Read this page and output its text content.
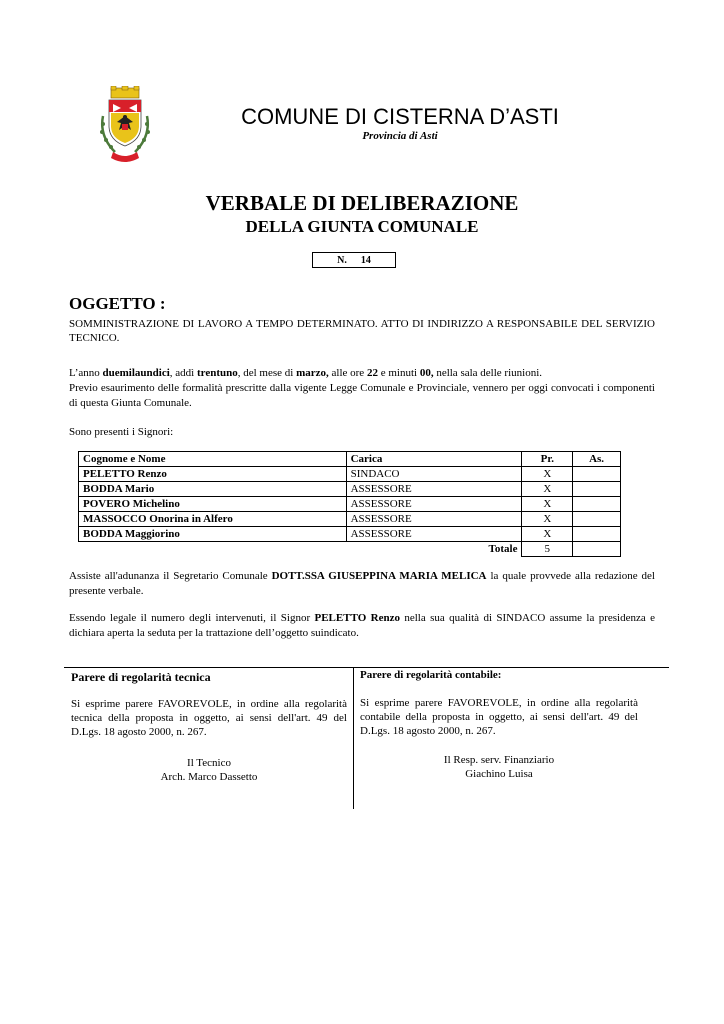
COMUNE DI CISTERNA D’ASTI
Provincia di Asti
VERBALE DI DELIBERAZIONE
DELLA GIUNTA COMUNALE
N. 14
OGGETTO :
SOMMINISTRAZIONE DI LAVORO A TEMPO DETERMINATO. ATTO DI INDIRIZZO A RESPONSABILE DEL SERVIZIO TECNICO.
L’anno duemilaundici, addì trentuno, del mese di marzo, alle ore 22 e minuti 00, nella sala delle riunioni.
Previo esaurimento delle formalità prescritte dalla vigente Legge Comunale e Provinciale, vennero per oggi convocati i componenti di questa Giunta Comunale.
Sono presenti i Signori:
Cognome e Nome	Carica	Pr.	As.
PELETTO Renzo	SINDACO	X	
BODDA Mario	ASSESSORE	X	
POVERO Michelino	ASSESSORE	X	
MASSOCCO Onorina in Alfero	ASSESSORE	X	
BODDA Maggiorino	ASSESSORE	X	
Totale		5	
Assiste all'adunanza il Segretario Comunale DOTT.SSA GIUSEPPINA MARIA MELICA la quale provvede alla redazione del presente verbale.
Essendo legale il numero degli intervenuti, il Signor PELETTO Renzo nella sua qualità di SINDACO assume la presidenza e dichiara aperta la seduta per la trattazione dell’oggetto suindicato.
Parere di regolarità tecnica
Si esprime parere FAVOREVOLE, in ordine alla regolarità tecnica della proposta in oggetto, ai sensi dell'art. 49 del D.Lgs. 18 agosto 2000, n. 267.
Il Tecnico
Arch. Marco Dassetto
Parere di regolarità contabile:
Si esprime parere FAVOREVOLE, in ordine alla regolarità contabile della proposta in oggetto, ai sensi dell'art. 49 del D.Lgs. 18 agosto 2000, n. 267.
Il Resp. serv. Finanziario
Giachino Luisa
